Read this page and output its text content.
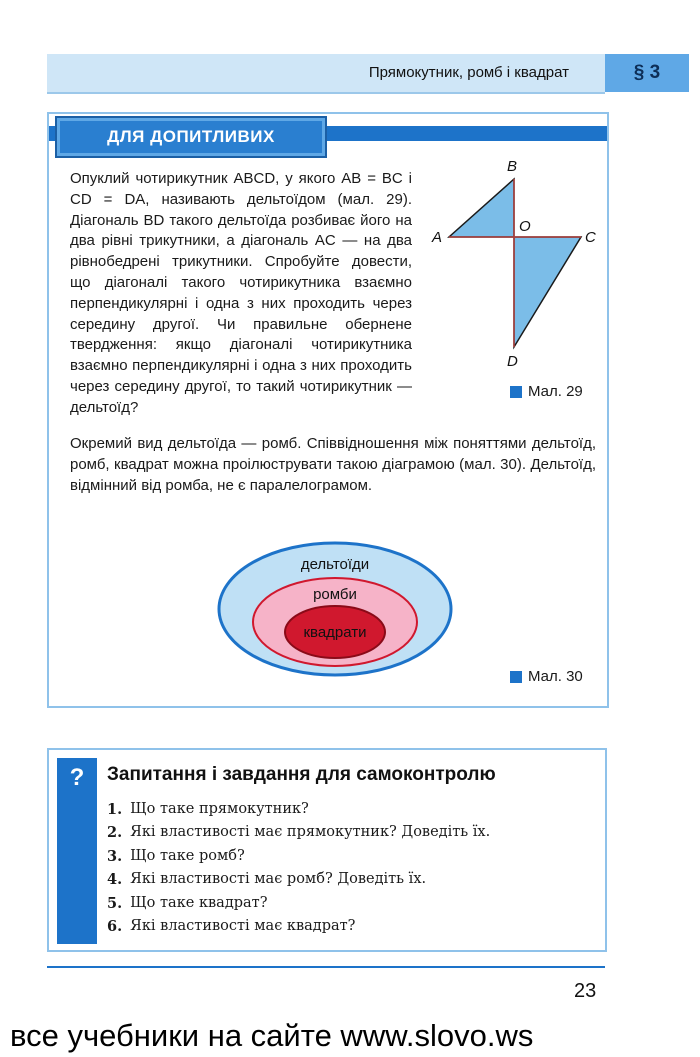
Прямокутник, ромб і квадрат	§ 3
ДЛЯ ДОПИТЛИВИХ
Опуклий чотирикутник ABCD, у якого AB = BC і CD = DA, називають дельтоїдом (мал. 29). Діагональ BD такого дельтоїда розбиває його на два рівні трикутники, а діагональ AC — на два рівнобедрені трикутники. Спробуйте довести, що діагоналі такого чотирикутника взаємно перпендикулярні і одна з них проходить через середину другої. Чи правильне обернене твердження: якщо діагоналі чотирикутника взаємно перпендикулярні і одна з них проходить через середину другої, то такий чотирикутник — дельтоїд?
B
A	C
D
O
Мал. 29
Окремий вид дельтоїда — ромб. Співвідношення між поняттями дельтоїд, ромб, квадрат можна проілюструвати такою діаграмою (мал. 30). Дельтоїд, відмінний від ромба, не є паралелограмом.
дельтоїди
ромби
квадрати
Мал. 30
?	Запитання і завдання для самоконтролю
1. Що таке прямокутник?
2. Які властивості має прямокутник? Доведіть їх.
3. Що таке ромб?
4. Які властивості має ромб? Доведіть їх.
5. Що таке квадрат?
6. Які властивості має квадрат?
23
все учебники на сайте www.slovo.ws
